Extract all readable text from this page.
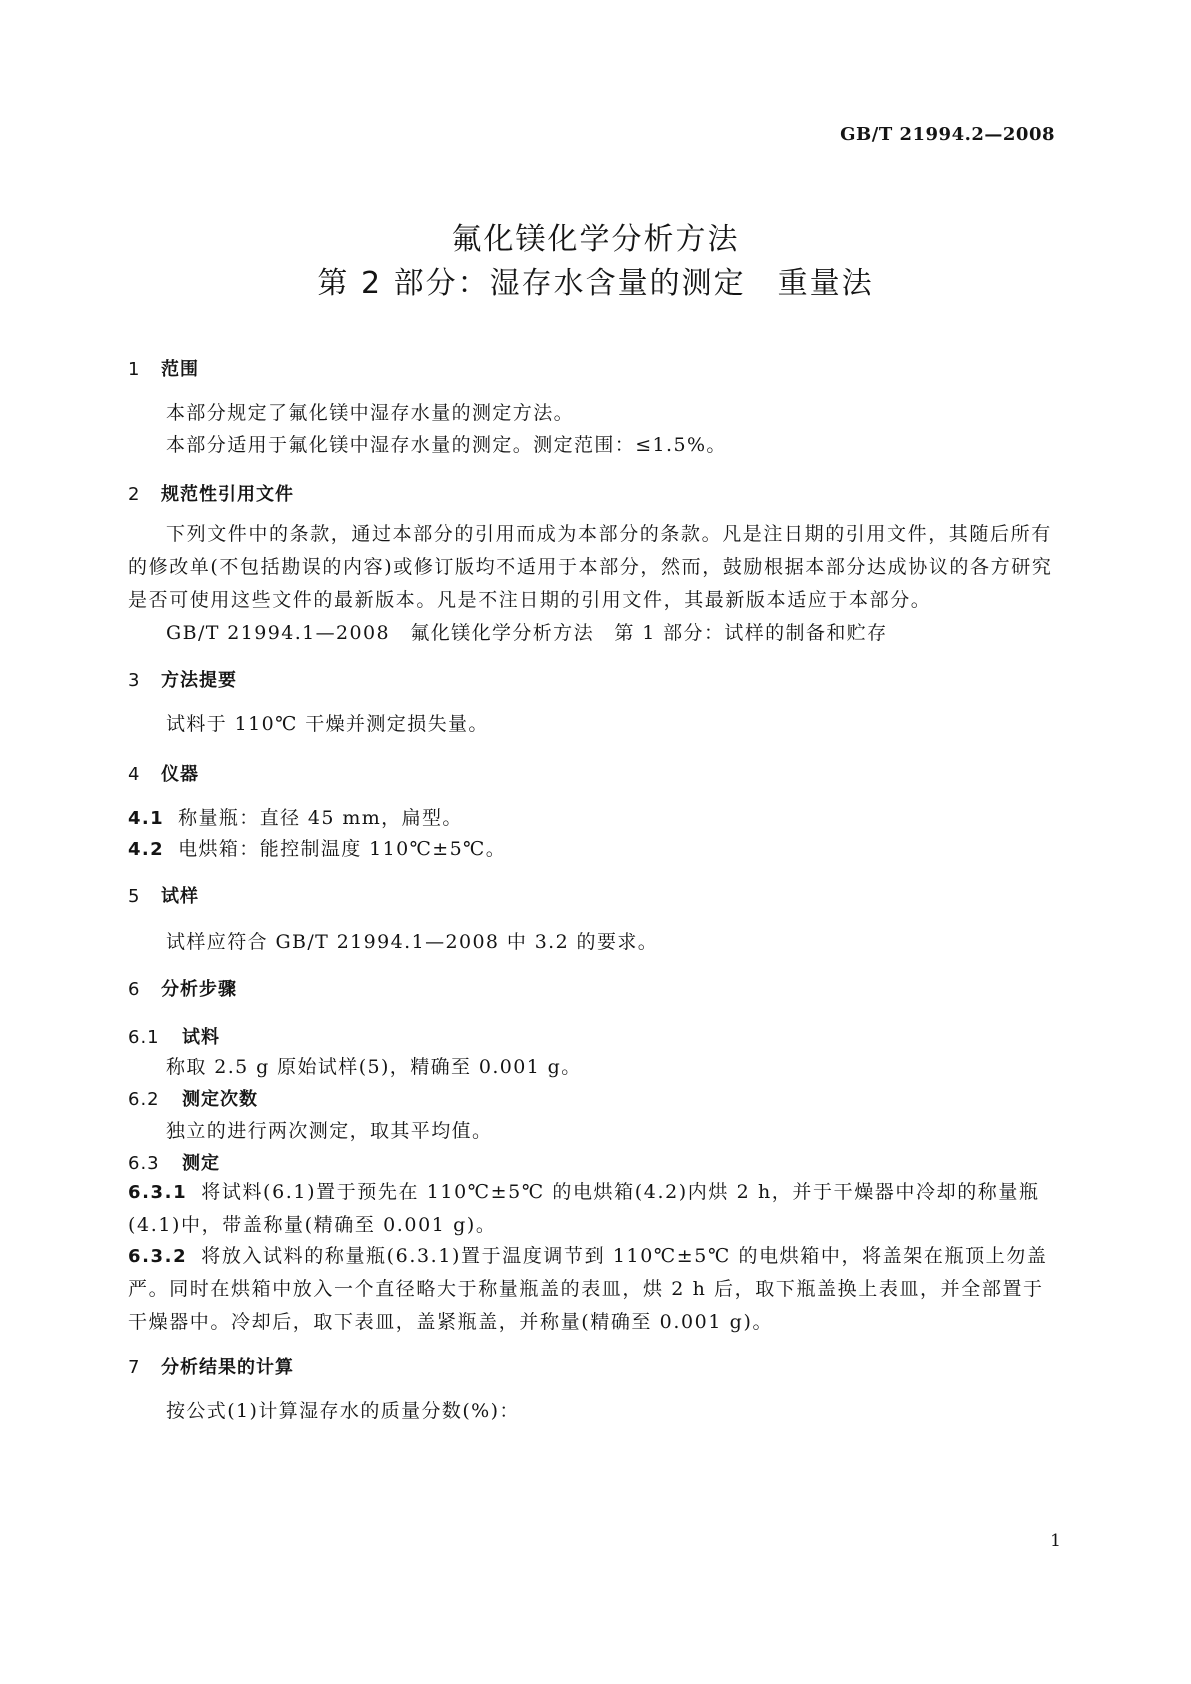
GB/T 21994.2—2008
氟化镁化学分析方法
第 2 部分：湿存水含量的测定　重量法
1 范围
本部分规定了氟化镁中湿存水量的测定方法。
本部分适用于氟化镁中湿存水量的测定。测定范围：≤1.5%。
2 规范性引用文件
下列文件中的条款，通过本部分的引用而成为本部分的条款。凡是注日期的引用文件，其随后所有的修改单(不包括勘误的内容)或修订版均不适用于本部分，然而，鼓励根据本部分达成协议的各方研究是否可使用这些文件的最新版本。凡是不注日期的引用文件，其最新版本适应于本部分。
GB/T 21994.1—2008　氟化镁化学分析方法　第 1 部分：试样的制备和贮存
3 方法提要
试料于 110℃ 干燥并测定损失量。
4 仪器
4.1 称量瓶：直径 45 mm，扁型。
4.2 电烘箱：能控制温度 110℃±5℃。
5 试样
试样应符合 GB/T 21994.1—2008 中 3.2 的要求。
6 分析步骤
6.1 试料
称取 2.5 g 原始试样(5)，精确至 0.001 g。
6.2 测定次数
独立的进行两次测定，取其平均值。
6.3 测定
6.3.1 将试料(6.1)置于预先在 110℃±5℃ 的电烘箱(4.2)内烘 2 h，并于干燥器中冷却的称量瓶(4.1)中，带盖称量(精确至 0.001 g)。
6.3.2 将放入试料的称量瓶(6.3.1)置于温度调节到 110℃±5℃ 的电烘箱中，将盖架在瓶顶上勿盖严。同时在烘箱中放入一个直径略大于称量瓶盖的表皿，烘 2 h 后，取下瓶盖换上表皿，并全部置于干燥器中。冷却后，取下表皿，盖紧瓶盖，并称量(精确至 0.001 g)。
7 分析结果的计算
按公式(1)计算湿存水的质量分数(%)：
1
